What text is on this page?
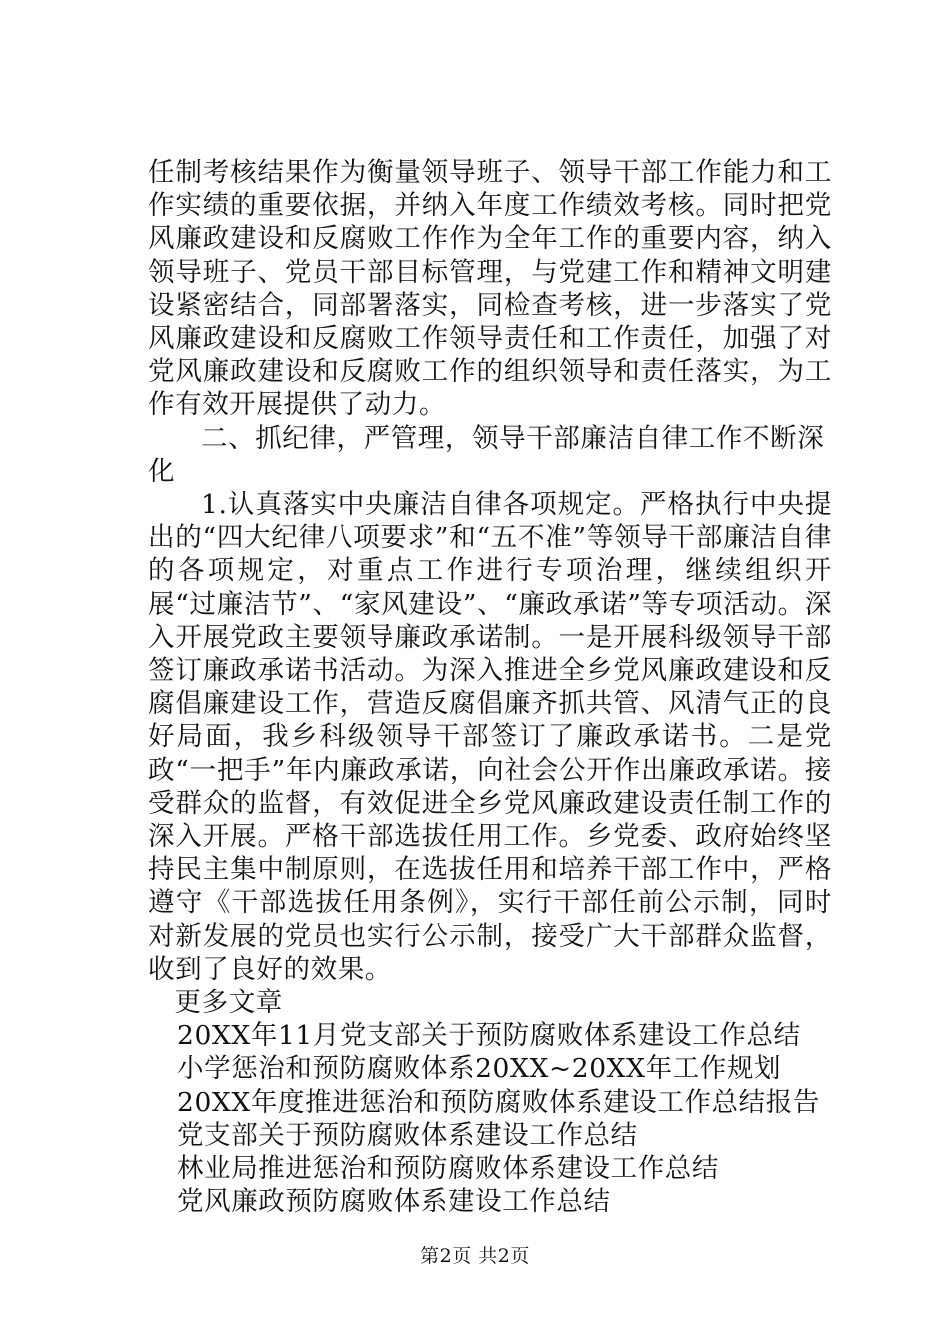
任制考核结果作为衡量领导班子、领导干部工作能力和工作实绩的重要依据，并纳入年度工作绩效考核。同时把党风廉政建设和反腐败工作作为全年工作的重要内容，纳入领导班子、党员干部目标管理，与党建工作和精神文明建设紧密结合，同部署落实，同检查考核，进一步落实了党风廉政建设和反腐败工作领导责任和工作责任，加强了对党风廉政建设和反腐败工作的组织领导和责任落实，为工作有效开展提供了动力。

二、抓纪律，严管理，领导干部廉洁自律工作不断深化

1.认真落实中央廉洁自律各项规定。严格执行中央提出的“四大纪律八项要求”和“五不准”等领导干部廉洁自律的各项规定，对重点工作进行专项治理，继续组织开展“过廉洁节”、“家风建设”、“廉政承诺”等专项活动。深入开展党政主要领导廉政承诺制。一是开展科级领导干部签订廉政承诺书活动。为深入推进全乡党风廉政建设和反腐倡廉建设工作，营造反腐倡廉齐抓共管、风清气正的良好局面，我乡科级领导干部签订了廉政承诺书。二是党政“一把手”年内廉政承诺，向社会公开作出廉政承诺。接受群众的监督，有效促进全乡党风廉政建设责任制工作的深入开展。严格干部选拔任用工作。乡党委、政府始终坚持民主集中制原则，在选拔任用和培养干部工作中，严格遵守《干部选拔任用条例》，实行干部任前公示制，同时对新发展的党员也实行公示制，接受广大干部群众监督，收到了良好的效果。

更多文章

20XX年11月党支部关于预防腐败体系建设工作总结
小学惩治和预防腐败体系20XX~20XX年工作规划
20XX年度推进惩治和预防腐败体系建设工作总结报告
党支部关于预防腐败体系建设工作总结
林业局推进惩治和预防腐败体系建设工作总结
党风廉政预防腐败体系建设工作总结
第2页 共2页
